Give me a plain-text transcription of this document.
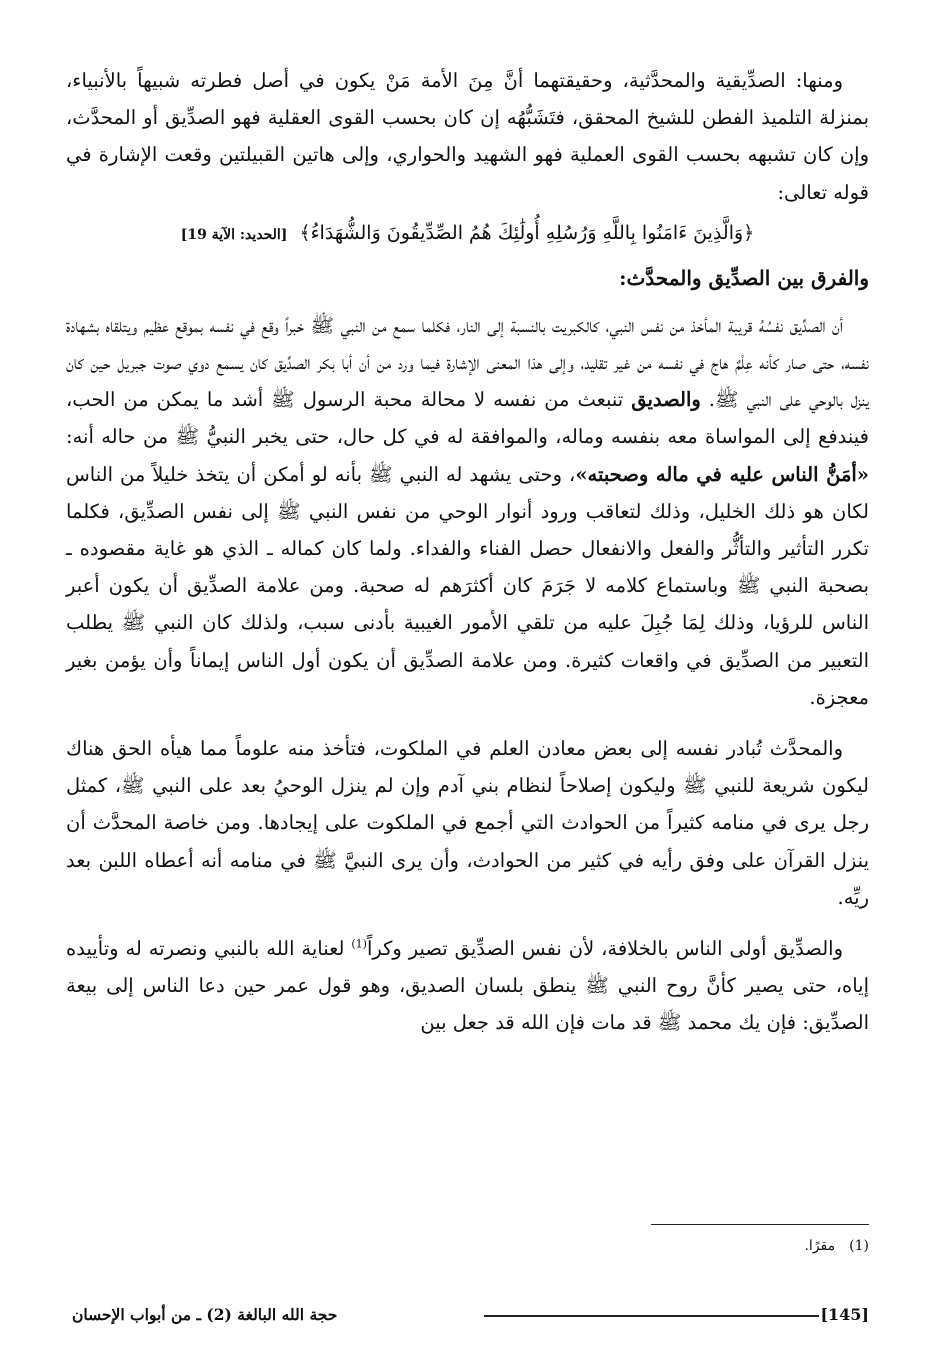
ومنها: الصدِّيقية والمحدَّثية، وحقيقتهما أنَّ مِنَ الأمة مَنْ يكون في أصل فطرته شبيهاً بالأنبياء، بمنزلة التلميذ الفطن للشيخ المحقق، فتَشَبُّهُه إن كان بحسب القوى العقلية فهو الصدِّيق أو المحدَّث، وإن كان تشبهه بحسب القوى العملية فهو الشهيد والحواري، وإلى هاتين القبيلتين وقعت الإشارة في قوله تعالى:

﴿وَالَّذِينَ ءَامَنُوا بِاللَّهِ وَرُسُلِهِ أُولَٰئِكَ هُمُ الصِّدِّيقُونَ وَالشُّهَدَاءُ﴾ [الحديد: الآية 19]
والفرق بين الصدِّيق والمحدَّث:

أن الصدِّيق نفسُهُ قريبة المأخذ من نفس النبي، كالكبريت بالنسبة إلى النار، فكلما سمع من النبي ﷺ خبراً وقع في نفسه بموقع عظيم ويتلقاه بشهادة نفسه، حتى صار كأنه عِلْمٌ هاج في نفسه من غير تقليد، وإلى هذا المعنى الإشارة فيما ورد من أن أبا بكر الصدِّيق كان يسمع دوي صوت جبريل حين كان ينزل بالوحي على النبي ﷺ. والصديق تنبعث من نفسه لا محالة محبة الرسول ﷺ أشد ما يمكن من الحب، فيندفع إلى المواساة معه بنفسه وماله، والموافقة له في كل حال، حتى يخبر النبيُّ ﷺ من حاله أنه: «أمَنُّ الناس عليه في ماله وصحبته»، وحتى يشهد له النبي ﷺ بأنه لو أمكن أن يتخذ خليلاً من الناس لكان هو ذلك الخليل، وذلك لتعاقب ورود أنوار الوحي من نفس النبي ﷺ إلى نفس الصدِّيق، فكلما تكرر التأثير والتأثُّر والفعل والانفعال حصل الفناء والفداء. ولما كان كماله ـ الذي هو غاية مقصوده ـ بصحبة النبي ﷺ وباستماع كلامه لا جَرَمَ كان أكثرَهم له صحبة. ومن علامة الصدِّيق أن يكون أعبر الناس للرؤيا، وذلك لِمَا جُبِلَ عليه من تلقي الأمور الغيبية بأدنى سبب، ولذلك كان النبي ﷺ يطلب التعبير من الصدِّيق في واقعات كثيرة. ومن علامة الصدِّيق أن يكون أول الناس إيماناً وأن يؤمن بغير معجزة.

والمحدَّث تُبادر نفسه إلى بعض معادن العلم في الملكوت، فتأخذ منه علوماً مما هيأه الحق هناك ليكون شريعة للنبي ﷺ وليكون إصلاحاً لنظام بني آدم وإن لم ينزل الوحيُ بعد على النبي ﷺ، كمثل رجل يرى في منامه كثيراً من الحوادث التي أجمع في الملكوت على إيجادها. ومن خاصة المحدَّث أن ينزل القرآن على وفق رأيه في كثير من الحوادث، وأن يرى النبيَّ ﷺ في منامه أنه أعطاه اللبن بعد ريِّه.

والصدِّيق أولى الناس بالخلافة، لأن نفس الصدِّيق تصير وكراً$^{(1)}$ لعناية الله بالنبي ونصرته له وتأييده إياه، حتى يصير كأنَّ روح النبي ﷺ ينطق بلسان الصديق، وهو قول عمر حين دعا الناس إلى بيعة الصدِّيق: فإن يك محمد ﷺ قد مات فإن الله قد جعل بين

(1)مقرًا.
[145]
حجة الله البالغة (2) ـ من أبواب الإحسان
